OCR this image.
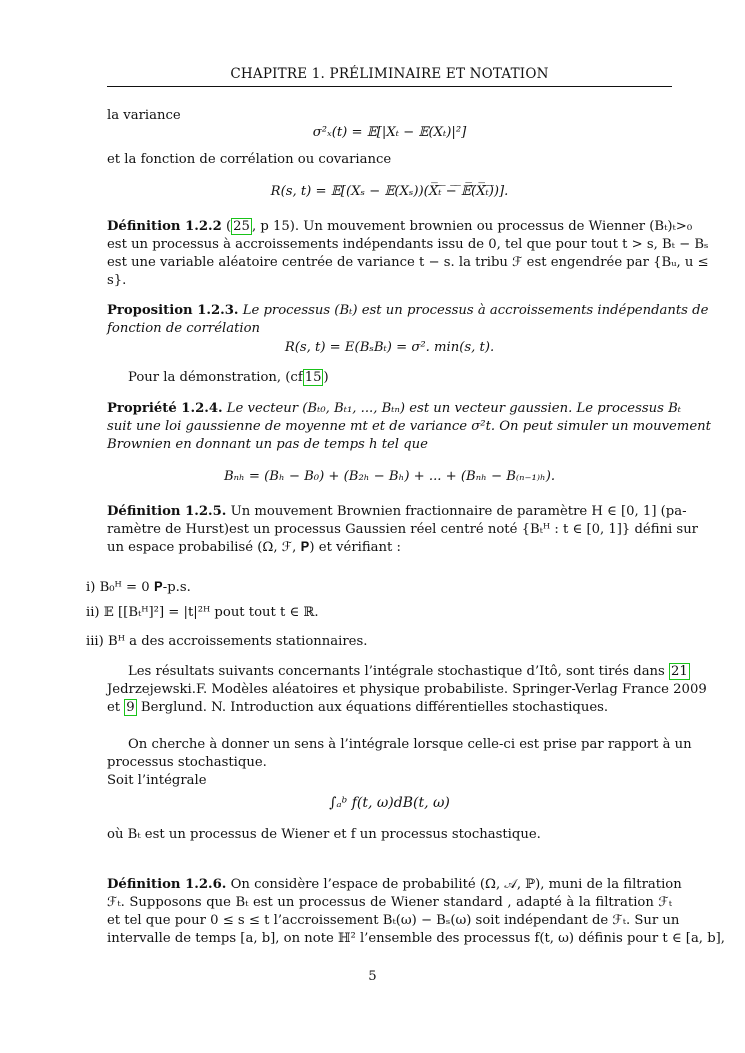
CHAPITRE 1. PRÉLIMINAIRE ET NOTATION
la variance
σ²ₓ(t) = 𝔼[|Xₜ − 𝔼(Xₜ)|²]
et la fonction de corrélation ou covariance
R(s, t) = 𝔼[(Xₛ − 𝔼(Xₛ))(X̅ₜ̅ ̅−̅ ̅𝔼̅(̅X̅ₜ̅)̅)].
Définition 1.2.2 ( 25 , p 15). Un mouvement brownien ou processus de Wienner (Bₜ)ₜ>₀
est un processus à accroissements indépendants issu de 0, tel que pour tout t > s, Bₜ − Bₛ
est une variable aléatoire centrée de variance t − s. la tribu ℱ est engendrée par {Bᵤ, u ≤
s}.
Proposition 1.2.3. Le processus (Bₜ) est un processus à accroissements indépendants de
fonction de corrélation
R(s, t) = E(BₛBₜ) = σ². min(s, t).
Pour la démonstration, (cf 15 )
Propriété 1.2.4. Le vecteur (Bₜ₀, Bₜ₁, ..., Bₜₙ) est un vecteur gaussien. Le processus Bₜ
suit une loi gaussienne de moyenne mt et de variance σ²t. On peut simuler un mouvement
Brownien en donnant un pas de temps h tel que
Bₙₕ = (Bₕ − B₀) + (B₂ₕ − Bₕ) + ... + (Bₙₕ − B₍ₙ₋₁₎ₕ).
Définition 1.2.5. Un mouvement Brownien fractionnaire de paramètre H ∈ [0, 1] (pa-
ramètre de Hurst)est un processus Gaussien réel centré noté {Bₜᴴ : t ∈ [0, 1]} défini sur
un espace probabilisé (Ω, ℱ, 𝐏) et vérifiant :
i) B₀ᴴ = 0 𝐏-p.s.
ii) 𝔼 [[Bₜᴴ]²] = |t|²ᴴ pout tout t ∈ ℝ.
iii) Bᴴ a des accroissements stationnaires.
Les résultats suivants concernants l’intégrale stochastique d’Itô, sont tirés dans 21
Jedrzejewski.F. Modèles aléatoires et physique probabiliste. Springer-Verlag France 2009
et 9 Berglund. N. Introduction aux équations différentielles stochastiques.
On cherche à donner un sens à l’intégrale lorsque celle-ci est prise par rapport à un
processus stochastique.
Soit l’intégrale
∫ₐᵇ f(t, ω)dB(t, ω)
où Bₜ est un processus de Wiener et f un processus stochastique.
Définition 1.2.6. On considère l’espace de probabilité (Ω, 𝒜, ℙ), muni de la filtration
ℱₜ. Supposons que Bₜ est un processus de Wiener standard , adapté à la filtration ℱₜ
et tel que pour 0 ≤ s ≤ t l’accroissement Bₜ(ω) − Bₛ(ω) soit indépendant de ℱₜ. Sur un
intervalle de temps [a, b], on note ℍ² l’ensemble des processus f(t, ω) définis pour t ∈ [a, b],
5
